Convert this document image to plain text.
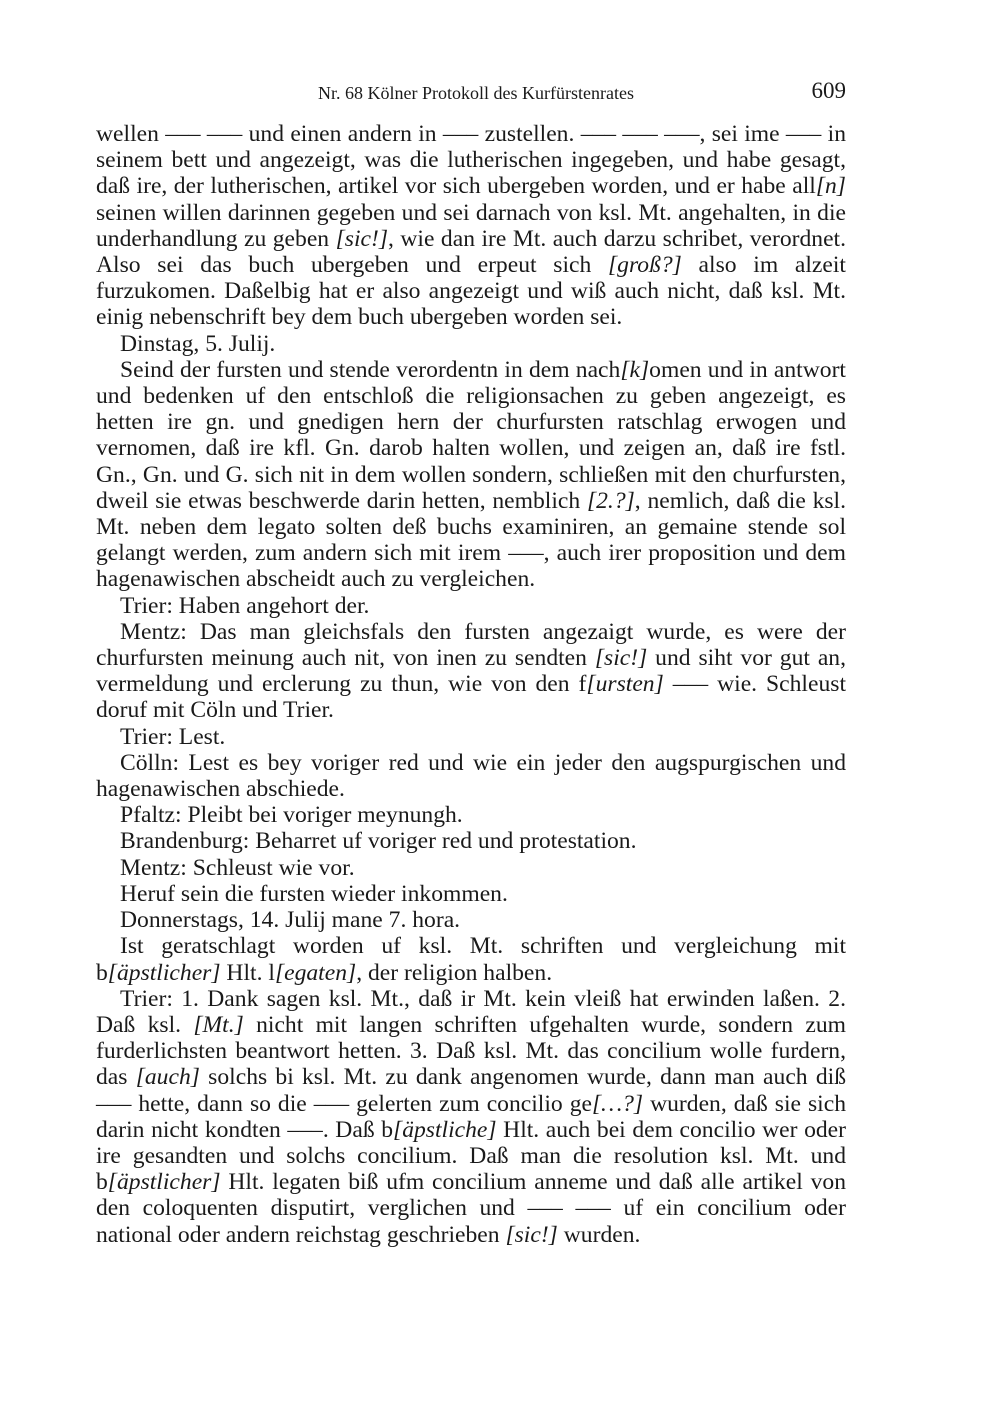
Nr. 68 Kölner Protokoll des Kurfürstenrates	609

wellen ––– ––– und einen andern in ––– zustellen. ––– ––– –––, sei ime ––– in seinem bett und angezeigt, was die lutherischen ingegeben, und habe gesagt, daß ire, der lutherischen, artikel vor sich ubergeben worden, und er habe all[n] seinen willen darinnen gegeben und sei darnach von ksl. Mt. angehalten, in die underhandlung zu geben [sic!], wie dan ire Mt. auch darzu schribet, verordnet. Also sei das buch ubergeben und erpeut sich [groß?] also im alzeit furzukomen. Daßelbig hat er also angezeigt und wiß auch nicht, daß ksl. Mt. einig nebenschrift bey dem buch ubergeben worden sei.

Dinstag, 5. Julij.

Seind der fursten und stende verordentn in dem nach[k]omen und in antwort und bedenken uf den entschloß die religionsachen zu geben angezeigt, es hetten ire gn. und gnedigen hern der churfursten ratschlag erwogen und vernomen, daß ire kfl. Gn. darob halten wollen, und zeigen an, daß ire fstl. Gn., Gn. und G. sich nit in dem wollen sondern, schließen mit den churfursten, dweil sie etwas beschwerde darin hetten, nemblich [2.?], nemlich, daß die ksl. Mt. neben dem legato solten deß buchs examiniren, an gemaine stende sol gelangt werden, zum andern sich mit irem –––, auch irer proposition und dem hagenawischen abscheidt auch zu vergleichen.

Trier: Haben angehort der.

Mentz: Das man gleichsfals den fursten angezaigt wurde, es were der churfursten meinung auch nit, von inen zu sendten [sic!] und siht vor gut an, vermeldung und erclerung zu thun, wie von den f[ursten] ––– wie. Schleust doruf mit Cöln und Trier.

Trier: Lest.

Cölln: Lest es bey voriger red und wie ein jeder den augspurgischen und hagenawischen abschiede.

Pfaltz: Pleibt bei voriger meynungh.

Brandenburg: Beharret uf voriger red und protestation.

Mentz: Schleust wie vor.

Heruf sein die fursten wieder inkommen.

Donnerstags, 14. Julij mane 7. hora.

Ist geratschlagt worden uf ksl. Mt. schriften und vergleichung mit b[äpstlicher] Hlt. l[egaten], der religion halben.

Trier: 1. Dank sagen ksl. Mt., daß ir Mt. kein vleiß hat erwinden laßen. 2. Daß ksl. [Mt.] nicht mit langen schriften ufgehalten wurde, sondern zum furderlichsten beantwort hetten. 3. Daß ksl. Mt. das concilium wolle furdern, das [auch] solchs bi ksl. Mt. zu dank angenomen wurde, dann man auch diß ––– hette, dann so die ––– gelerten zum concilio ge[…?] wurden, daß sie sich darin nicht kondten –––. Daß b[äpstliche] Hlt. auch bei dem concilio wer oder ire gesandten und solchs concilium. Daß man die resolution ksl. Mt. und b[äpstlicher] Hlt. legaten biß ufm concilium anneme und daß alle artikel von den coloquenten disputirt, verglichen und ––– ––– uf ein concilium oder national oder andern reichstag geschrieben [sic!] wurden.
